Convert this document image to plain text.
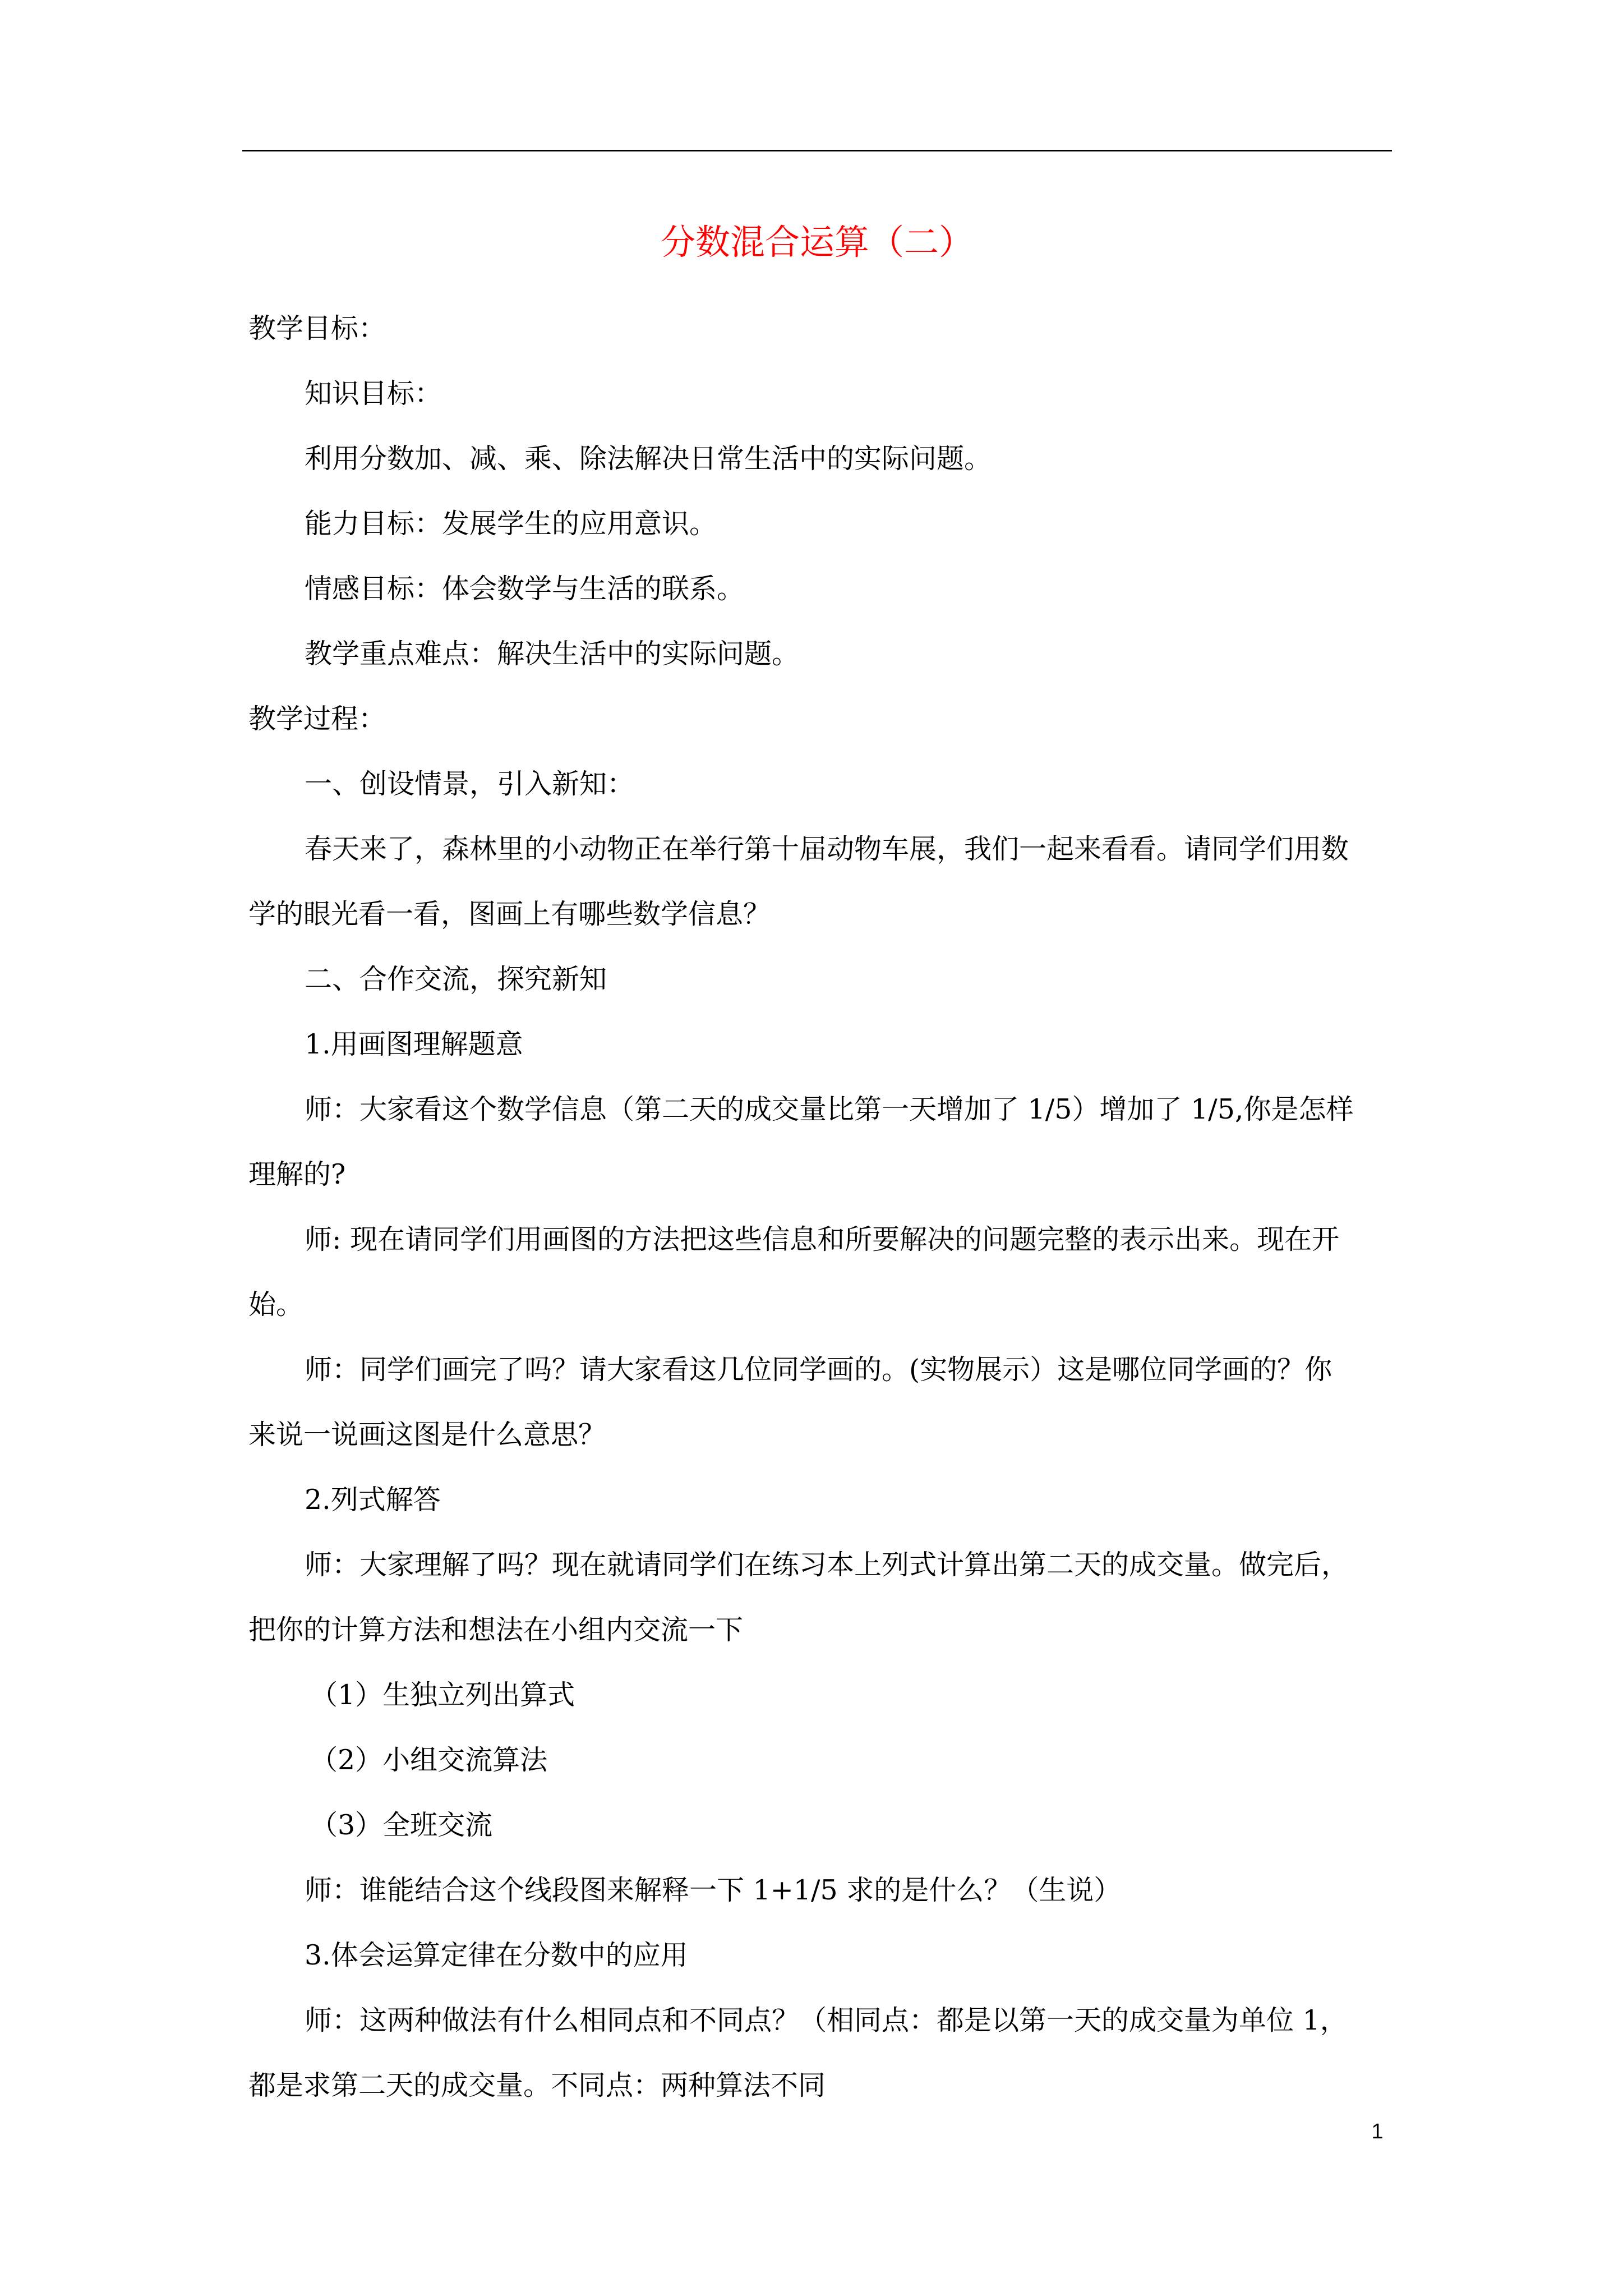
分数混合运算（二）

教学目标：

知识目标：

利用分数加、减、乘、除法解决日常生活中的实际问题。

能力目标：发展学生的应用意识。

情感目标：体会数学与生活的联系。

教学重点难点：解决生活中的实际问题。

教学过程：

一、创设情景，引入新知：

春天来了，森林里的小动物正在举行第十届动物车展，我们一起来看看。请同学们用数

学的眼光看一看，图画上有哪些数学信息？

二、合作交流，探究新知

1.用画图理解题意

师：大家看这个数学信息（第二天的成交量比第一天增加了 1/5）增加了 1/5,你是怎样

理解的?

师: 现在请同学们用画图的方法把这些信息和所要解决的问题完整的表示出来。现在开

始。

师：同学们画完了吗？请大家看这几位同学画的。(实物展示）这是哪位同学画的？你

来说一说画这图是什么意思？

2.列式解答

师：大家理解了吗？现在就请同学们在练习本上列式计算出第二天的成交量。做完后，

把你的计算方法和想法在小组内交流一下

（1）生独立列出算式

（2）小组交流算法

（3）全班交流

师：谁能结合这个线段图来解释一下 1+1/5 求的是什么？（生说）

3.体会运算定律在分数中的应用

师：这两种做法有什么相同点和不同点？（相同点：都是以第一天的成交量为单位 1，

都是求第二天的成交量。不同点：两种算法不同

1
